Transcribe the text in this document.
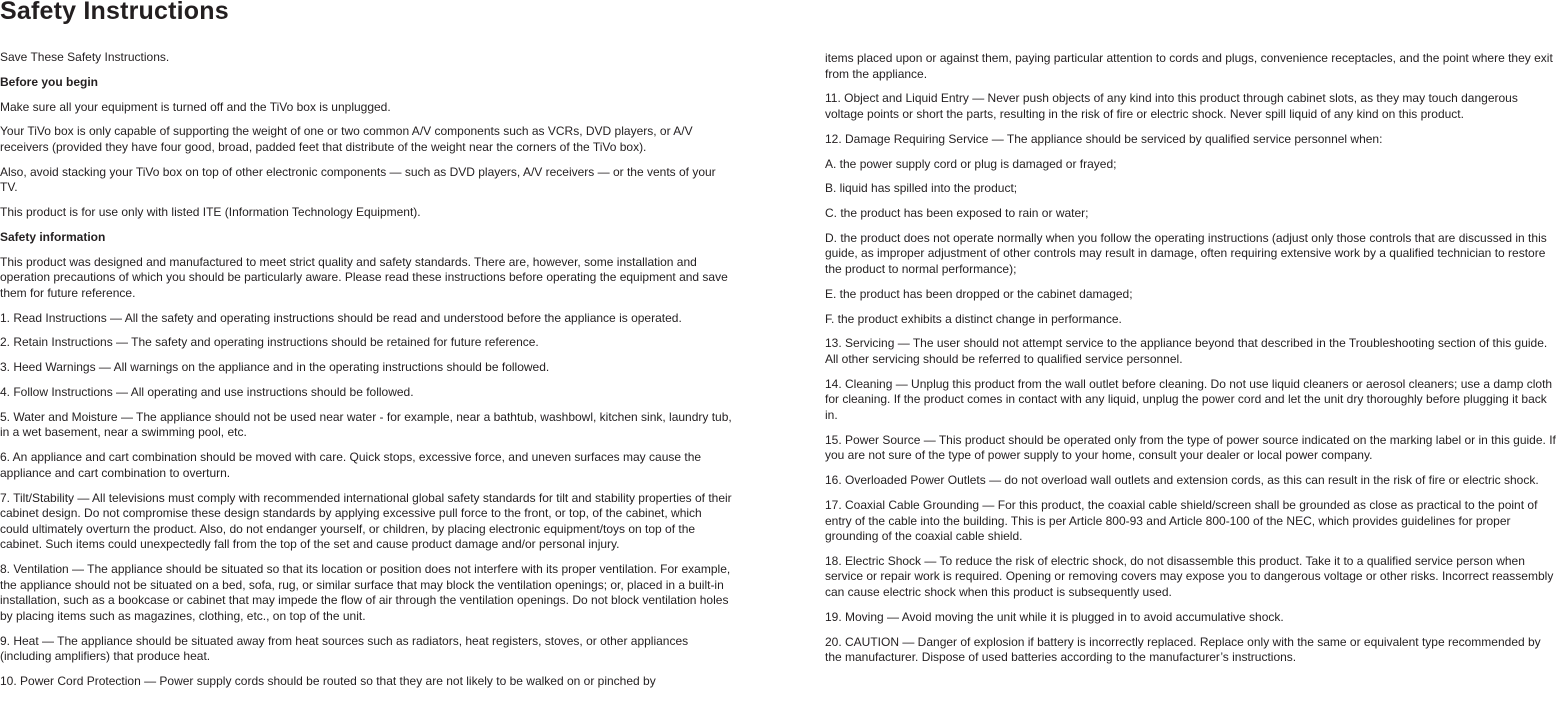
Safety Instructions

Save These Safety Instructions.

Before you begin

Make sure all your equipment is turned off and the TiVo box is unplugged.

Your TiVo box is only capable of supporting the weight of one or two common A/V components such as VCRs, DVD players, or A/V receivers (provided they have four good, broad, padded feet that distribute of the weight near the corners of the TiVo box).

Also, avoid stacking your TiVo box on top of other electronic components — such as DVD players, A/V receivers — or the vents of your TV.

This product is for use only with listed ITE (Information Technology Equipment).

Safety information

This product was designed and manufactured to meet strict quality and safety standards. There are, however, some installation and operation precautions of which you should be particularly aware. Please read these instructions before operating the equipment and save them for future reference.

1. Read Instructions — All the safety and operating instructions should be read and understood before the appliance is operated.

2. Retain Instructions — The safety and operating instructions should be retained for future reference.

3. Heed Warnings — All warnings on the appliance and in the operating instructions should be followed.

4. Follow Instructions — All operating and use instructions should be followed.

5. Water and Moisture — The appliance should not be used near water - for example, near a bathtub, washbowl, kitchen sink, laundry tub, in a wet basement, near a swimming pool, etc.

6. An appliance and cart combination should be moved with care. Quick stops, excessive force, and uneven surfaces may cause the appliance and cart combination to overturn.

7. Tilt/Stability — All televisions must comply with recommended international global safety standards for tilt and stability properties of their cabinet design. Do not compromise these design standards by applying excessive pull force to the front, or top, of the cabinet, which could ultimately overturn the product. Also, do not endanger yourself, or children, by placing electronic equipment/toys on top of the cabinet. Such items could unexpectedly fall from the top of the set and cause product damage and/or personal injury.

8. Ventilation — The appliance should be situated so that its location or position does not interfere with its proper ventilation. For example, the appliance should not be situated on a bed, sofa, rug, or similar surface that may block the ventilation openings; or, placed in a built-in installation, such as a bookcase or cabinet that may impede the flow of air through the ventilation openings. Do not block ventilation holes by placing items such as magazines, clothing, etc., on top of the unit.

9. Heat — The appliance should be situated away from heat sources such as radiators, heat registers, stoves, or other appliances (including amplifiers) that produce heat.

10. Power Cord Protection — Power supply cords should be routed so that they are not likely to be walked on or pinched by

items placed upon or against them, paying particular attention to cords and plugs, convenience receptacles, and the point where they exit from the appliance.

11. Object and Liquid Entry — Never push objects of any kind into this product through cabinet slots, as they may touch dangerous voltage points or short the parts, resulting in the risk of fire or electric shock. Never spill liquid of any kind on this product.

12. Damage Requiring Service — The appliance should be serviced by qualified service personnel when:

A. the power supply cord or plug is damaged or frayed;

B. liquid has spilled into the product;

C. the product has been exposed to rain or water;

D. the product does not operate normally when you follow the operating instructions (adjust only those controls that are discussed in this guide, as improper adjustment of other controls may result in damage, often requiring extensive work by a qualified technician to restore the product to normal performance);

E. the product has been dropped or the cabinet damaged;

F. the product exhibits a distinct change in performance.

13. Servicing — The user should not attempt service to the appliance beyond that described in the Troubleshooting section of this guide. All other servicing should be referred to qualified service personnel.

14. Cleaning — Unplug this product from the wall outlet before cleaning. Do not use liquid cleaners or aerosol cleaners; use a damp cloth for cleaning. If the product comes in contact with any liquid, unplug the power cord and let the unit dry thoroughly before plugging it back in.

15. Power Source — This product should be operated only from the type of power source indicated on the marking label or in this guide. If you are not sure of the type of power supply to your home, consult your dealer or local power company.

16. Overloaded Power Outlets — do not overload wall outlets and extension cords, as this can result in the risk of fire or electric shock.

17. Coaxial Cable Grounding — For this product, the coaxial cable shield/screen shall be grounded as close as practical to the point of entry of the cable into the building. This is per Article 800-93 and Article 800-100 of the NEC, which provides guidelines for proper grounding of the coaxial cable shield.

18. Electric Shock — To reduce the risk of electric shock, do not disassemble this product. Take it to a qualified service person when service or repair work is required. Opening or removing covers may expose you to dangerous voltage or other risks. Incorrect reassembly can cause electric shock when this product is subsequently used.

19. Moving — Avoid moving the unit while it is plugged in to avoid accumulative shock.

20. CAUTION — Danger of explosion if battery is incorrectly replaced. Replace only with the same or equivalent type recommended by the manufacturer. Dispose of used batteries according to the manufacturer’s instructions.
